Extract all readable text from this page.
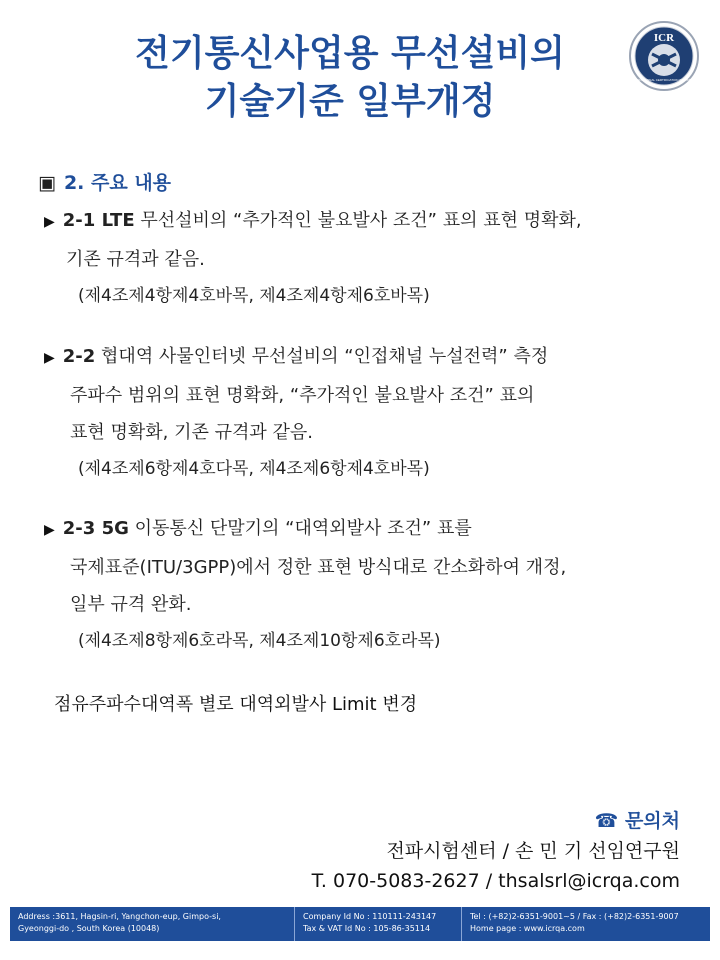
전기통신사업용 무선설비의
기술기준 일부개정
ICR
INTERNATIONAL CERTIFICATION REGISTRAR
▣ 2. 주요 내용
▶ 2-1 LTE 무선설비의 “추가적인 불요발사 조건” 표의 표현 명확화,
기존 규격과 같음.
(제4조제4항제4호바목, 제4조제4항제6호바목)
▶ 2-2 협대역 사물인터넷 무선설비의 “인접채널 누설전력” 측정
주파수 범위의 표현 명확화, “추가적인 불요발사 조건” 표의
표현 명확화, 기존 규격과 같음.
(제4조제6항제4호다목, 제4조제6항제4호바목)
▶ 2-3 5G 이동통신 단말기의 “대역외발사 조건” 표를
국제표준(ITU/3GPP)에서 정한 표현 방식대로 간소화하여 개정,
일부 규격 완화.
(제4조제8항제6호라목, 제4조제10항제6호라목)
점유주파수대역폭 별로 대역외발사 Limit 변경
☎ 문의처
전파시험센터 / 손 민 기 선임연구원
T. 070-5083-2627 / thsalsrl@icrqa.com
Address :3611, Hagsin-ri, Yangchon-eup, Gimpo-si,
Gyeonggi-do , South Korea (10048)
Company Id No : 110111-243147
Tax & VAT Id No : 105-86-35114
Tel : (+82)2-6351-9001~5 / Fax : (+82)2-6351-9007
Home page : www.icrqa.com
